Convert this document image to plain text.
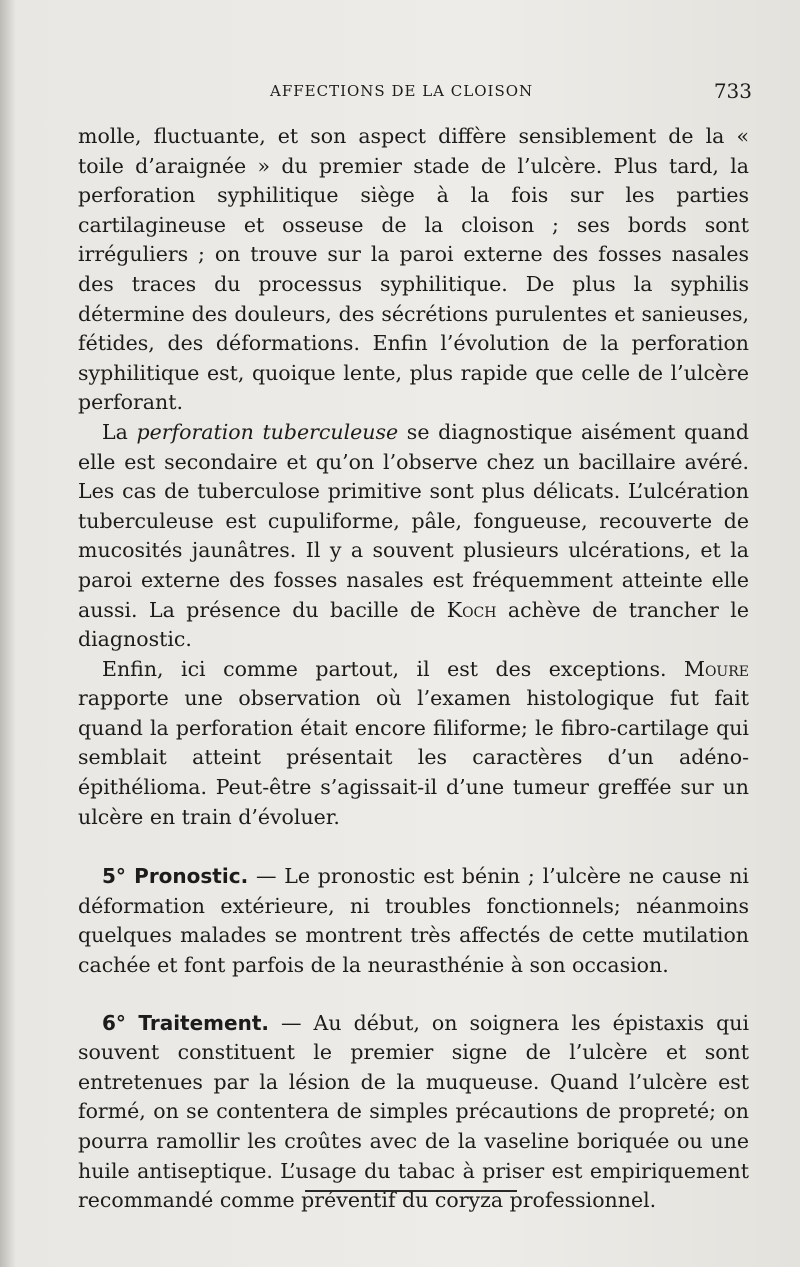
AFFECTIONS DE LA CLOISON	733

molle, fluctuante, et son aspect diffère sensiblement de la « toile d’araignée » du premier stade de l’ulcère. Plus tard, la perforation syphilitique siège à la fois sur les parties cartilagineuse et osseuse de la cloison ; ses bords sont irréguliers ; on trouve sur la paroi externe des fosses nasales des traces du processus syphilitique. De plus la syphilis détermine des douleurs, des sécrétions purulentes et sanieuses, fétides, des déformations. Enfin l’évolution de la perforation syphilitique est, quoique lente, plus rapide que celle de l’ulcère perforant.

La perforation tuberculeuse se diagnostique aisément quand elle est secondaire et qu’on l’observe chez un bacillaire avéré. Les cas de tuberculose primitive sont plus délicats. L’ulcération tuberculeuse est cupuliforme, pâle, fongueuse, recouverte de mucosités jaunâtres. Il y a souvent plusieurs ulcérations, et la paroi externe des fosses nasales est fréquemment atteinte elle aussi. La présence du bacille de Koch achève de trancher le diagnostic.

Enfin, ici comme partout, il est des exceptions. Moure rapporte une observation où l’examen histologique fut fait quand la perforation était encore filiforme; le fibro-cartilage qui semblait atteint présentait les caractères d’un adéno-épithélioma. Peut-être s’agissait-il d’une tumeur greffée sur un ulcère en train d’évoluer.

5° Pronostic. — Le pronostic est bénin ; l’ulcère ne cause ni déformation extérieure, ni troubles fonctionnels; néanmoins quelques malades se montrent très affectés de cette mutilation cachée et font parfois de la neurasthénie à son occasion.

6° Traitement. — Au début, on soignera les épistaxis qui souvent constituent le premier signe de l’ulcère et sont entretenues par la lésion de la muqueuse. Quand l’ulcère est formé, on se contentera de simples précautions de propreté; on pourra ramollir les croûtes avec de la vaseline boriquée ou une huile antiseptique. L’usage du tabac à priser est empiriquement recommandé comme préventif du coryza professionnel.
